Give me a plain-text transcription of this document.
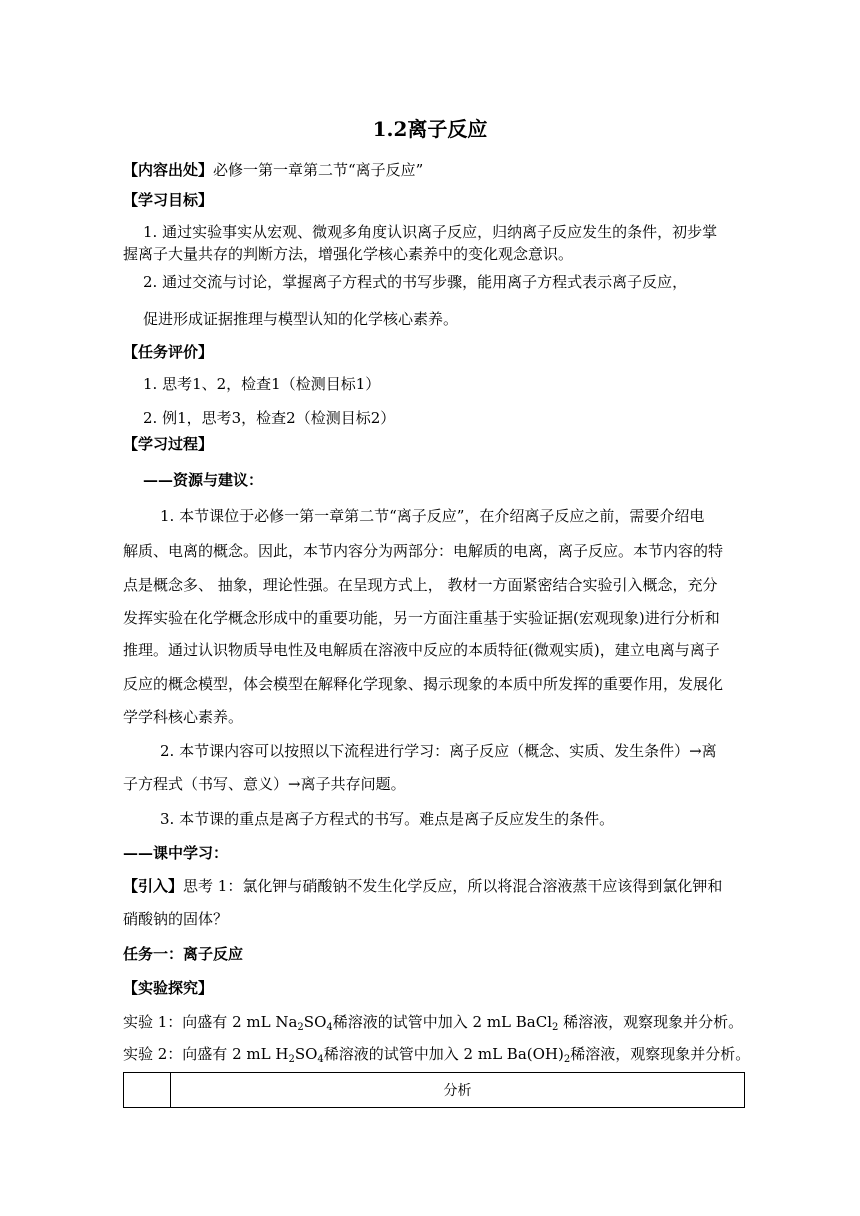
1.2离子反应
【内容出处】必修一第一章第二节“离子反应”
【学习目标】
1. 通过实验事实从宏观、微观多角度认识离子反应，归纳离子反应发生的条件，初步掌
握离子大量共存的判断方法，增强化学核心素养中的变化观念意识。
2. 通过交流与讨论，掌握离子方程式的书写步骤，能用离子方程式表示离子反应，
促进形成证据推理与模型认知的化学核心素养。
【任务评价】
1. 思考1、2，检查1（检测目标1）
2. 例1，思考3，检查2（检测目标2）
【学习过程】
——资源与建议：
1. 本节课位于必修一第一章第二节“离子反应”，在介绍离子反应之前，需要介绍电
解质、电离的概念。因此，本节内容分为两部分：电解质的电离，离子反应。本节内容的特
点是概念多、 抽象，理论性强。在呈现方式上， 教材一方面紧密结合实验引入概念，充分
发挥实验在化学概念形成中的重要功能，另一方面注重基于实验证据(宏观现象)进行分析和
推理。通过认识物质导电性及电解质在溶液中反应的本质特征(微观实质)，建立电离与离子
反应的概念模型，体会模型在解释化学现象、揭示现象的本质中所发挥的重要作用，发展化
学学科核心素养。
2. 本节课内容可以按照以下流程进行学习：离子反应（概念、实质、发生条件）→离
子方程式（书写、意义）→离子共存问题。
3. 本节课的重点是离子方程式的书写。难点是离子反应发生的条件。
——课中学习：
【引入】思考 1：氯化钾与硝酸钠不发生化学反应，所以将混合溶液蒸干应该得到氯化钾和
硝酸钠的固体？
任务一：离子反应
【实验探究】
实验 1：向盛有 2 mL $Na_2SO_4$稀溶液的试管中加入 2 mL BaCl$_2$ 稀溶液，观察现象并分析。
实验 2：向盛有 2 mL $H_2SO_4$稀溶液的试管中加入 2 mL $Ba(OH)_2$稀溶液，观察现象并分析。
	分析
